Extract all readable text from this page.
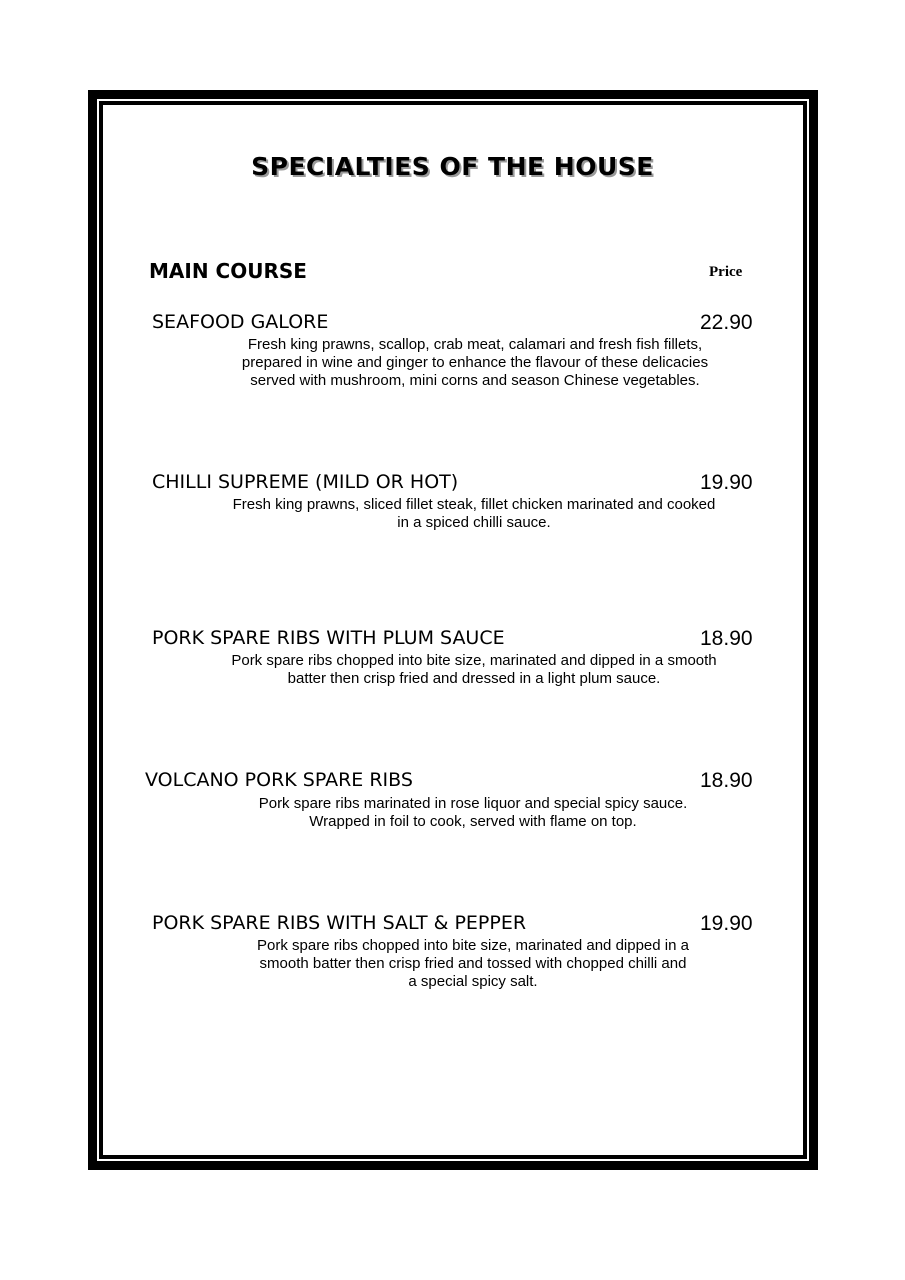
SPECIALTIES OF THE HOUSE
MAIN COURSE	Price
SEAFOOD GALORE	22.90
Fresh king prawns, scallop, crab meat, calamari and fresh fish fillets,
prepared in wine and ginger to enhance the flavour of these delicacies
served with mushroom, mini corns and season Chinese vegetables.
CHILLI SUPREME (MILD OR HOT)	19.90
Fresh king prawns, sliced fillet steak, fillet chicken marinated and cooked
in a spiced chilli sauce.
PORK SPARE RIBS WITH PLUM SAUCE	18.90
Pork spare ribs chopped into bite size, marinated and dipped in a smooth
batter then crisp fried and dressed in a light plum sauce.
VOLCANO PORK SPARE RIBS	18.90
Pork spare ribs marinated in rose liquor and special spicy sauce.
Wrapped in foil to cook, served with flame on top.
PORK SPARE RIBS WITH SALT & PEPPER	19.90
Pork spare ribs chopped into bite size, marinated and dipped in a
smooth batter then crisp fried and tossed with chopped chilli and
a special spicy salt.
